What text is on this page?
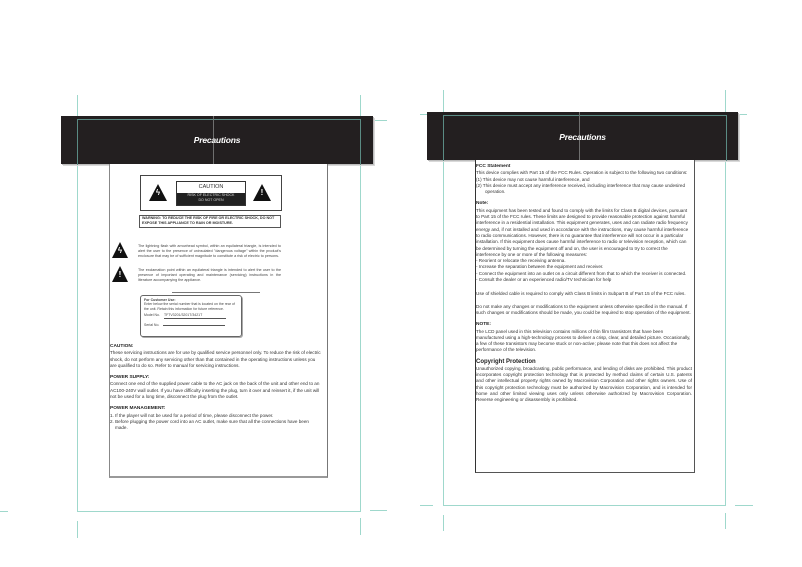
Precautions
ϟ
CAUTION
RISK OF ELECTRIC SHOCK
DO NOT OPEN
!
WARNING: TO REDUCE THE RISK OF FIRE OR ELECTRIC SHOCK, DO NOT EXPOSE THIS APPLIANCE TO RAIN OR MOISTURE.
ϟ	The lightning flash with arrowhead symbol, within an equilateral triangle, is intended to alert the user to the presence of uninsulated "dangerous voltage" within the product's enclosure that may be of sufficient magnitude to constitute a risk of electric to persons.
!	The exclamation point within an equilateral triangle is intended to alert the user to the presence of important operating and maintenance (servicing) instructions in the literature accompanying the appliance.
For Customer Use:
Enter below the serial number that is located on the rear of the unit. Retain this information for future reference.
Model No. TFTV3201/3201T/3421T
Serial No.

CAUTION:

These servicing instructions are for use by qualified service personnel only. To reduce the risk of electric shock, do not perform any servicing other than that contained in the operating instructions unless you are qualified to do so. Refer to manual for servicing instructions.

POWER SUPPLY:

Connect one end of the supplied power cable to the AC jack on the back of the unit and other end to an AC100-240V wall outlet. If you have difficulty inserting the plug, turn it over and reinsert it, if the unit will not be used for a long time, disconnect the plug from the outlet.

POWER MANAGEMENT:

1. If the player will not be used for a period of time, please disconnect the power.

2. Before plugging the power cord into an AC outlet, make sure that all the connections have been made.

Precautions

FCC Statement

This device complies with Part 15 of the FCC Rules. Operation is subject to the following two conditions:

(1) This device may not cause harmful interference, and

(2) This device must accept any interference received, including interference that may cause undesired operation.

Note:

This equipment has been tested and found to comply with the limits for Class B digital devices, pursuant to Part 15 of the FCC rules. These limits are designed to provide reasonable protection against harmful interference in a residential installation. This equipment generates, uses and can radiate radio frequency energy and, if not installed and used in accordance with the instructions, may cause harmful interference to radio communications. However, there is no guarantee that interference will not occur in a particular installation. If this equipment does cause harmful interference to radio or television reception, which can be determined by turning the equipment off and on, the user is encouraged to try to correct the interference by one or more of the following measures:

- Reorient or relocate the receiving antenna.

- Increase the separation between the equipment and receiver.

- Connect the equipment into an outlet on a circuit different from that to which the receiver is connected.

- Consult the dealer or an experienced radio/TV technician for help

Use of shielded cable is required to comply with Class B limits in Subpart B of Part 15 of the FCC rules.

Do not make any changes or modifications to the equipment unless otherwise specified in the manual. If such changes or modifications should be made, you could be required to stop operation of the equipment.

NOTE:

The LCD panel used in this television contains millions of thin film transistors that have been manufactured using a high-technology process to deliver a crisp, clear, and detailed picture. Occasionally, a few of these transistors may become stuck or non-active; please note that this does not affect the performance of the television.

Copyright Protection

Unauthorized copying, broadcasting, public performance, and lending of disks are prohibited. This product incorporates copyright protection technology that is protected by method claims of certain U.S. patents and other intellectual property rights owned by Macrovision Corporation and other rights owners. Use of this copyright protection technology must be authorized by Macrovision Corporation, and is intended for home and other limited viewing uses only unless otherwise authorized by Macrovision Corporation. Reverse engineering or disassembly is prohibited.
